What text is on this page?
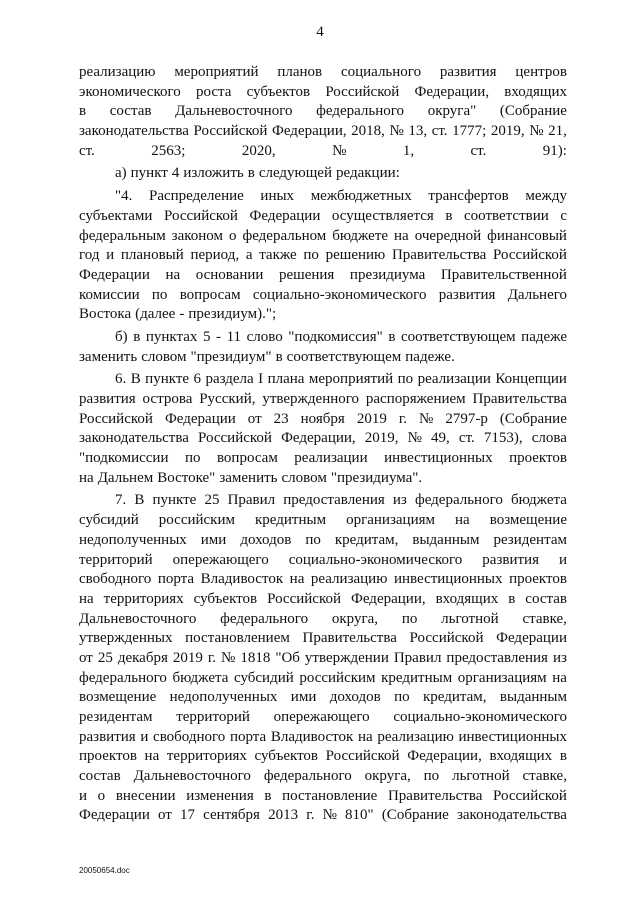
4
реализацию мероприятий планов социального развития центров
экономического роста субъектов Российской Федерации, входящих
в состав Дальневосточного федерального округа" (Собрание
законодательства Российской Федерации, 2018, № 13, ст. 1777; 2019, № 21,
ст.	2563;	2020,	№	1,	ст.	91):
а) пункт 4 изложить в следующей редакции:
"4. Распределение иных межбюджетных трансфертов между
субъектами Российской Федерации осуществляется в соответствии с
федеральным законом о федеральном бюджете на очередной финансовый
год и плановый период, а также по решению Правительства Российской
Федерации на основании решения президиума Правительственной
комиссии по вопросам социально-экономического развития Дальнего
Востока (далее - президиум).";
б) в пунктах 5 - 11 слово "подкомиссия" в соответствующем падеже
заменить словом "президиум" в соответствующем падеже.
6. В пункте 6 раздела I плана мероприятий по реализации Концепции
развития острова Русский, утвержденного распоряжением Правительства
Российской Федерации от 23 ноября 2019 г. № 2797-р (Собрание
законодательства Российской Федерации, 2019, № 49, ст. 7153), слова
"подкомиссии по вопросам реализации инвестиционных проектов
на Дальнем Востоке" заменить словом "президиума".
7. В пункте 25 Правил предоставления из федерального бюджета
субсидий российским кредитным организациям на возмещение
недополученных ими доходов по кредитам, выданным резидентам
территорий опережающего социально-экономического развития и
свободного порта Владивосток на реализацию инвестиционных проектов
на территориях субъектов Российской Федерации, входящих в состав
Дальневосточного федерального округа, по льготной ставке,
утвержденных постановлением Правительства Российской Федерации
от 25 декабря 2019 г. № 1818 "Об утверждении Правил предоставления из
федерального бюджета субсидий российским кредитным организациям на
возмещение недополученных ими доходов по кредитам, выданным
резидентам территорий опережающего социально-экономического
развития и свободного порта Владивосток на реализацию инвестиционных
проектов на территориях субъектов Российской Федерации, входящих в
состав Дальневосточного федерального округа, по льготной ставке,
и о внесении изменения в постановление Правительства Российской
Федерации от 17 сентября 2013 г. № 810" (Собрание законодательства
20050654.doc
